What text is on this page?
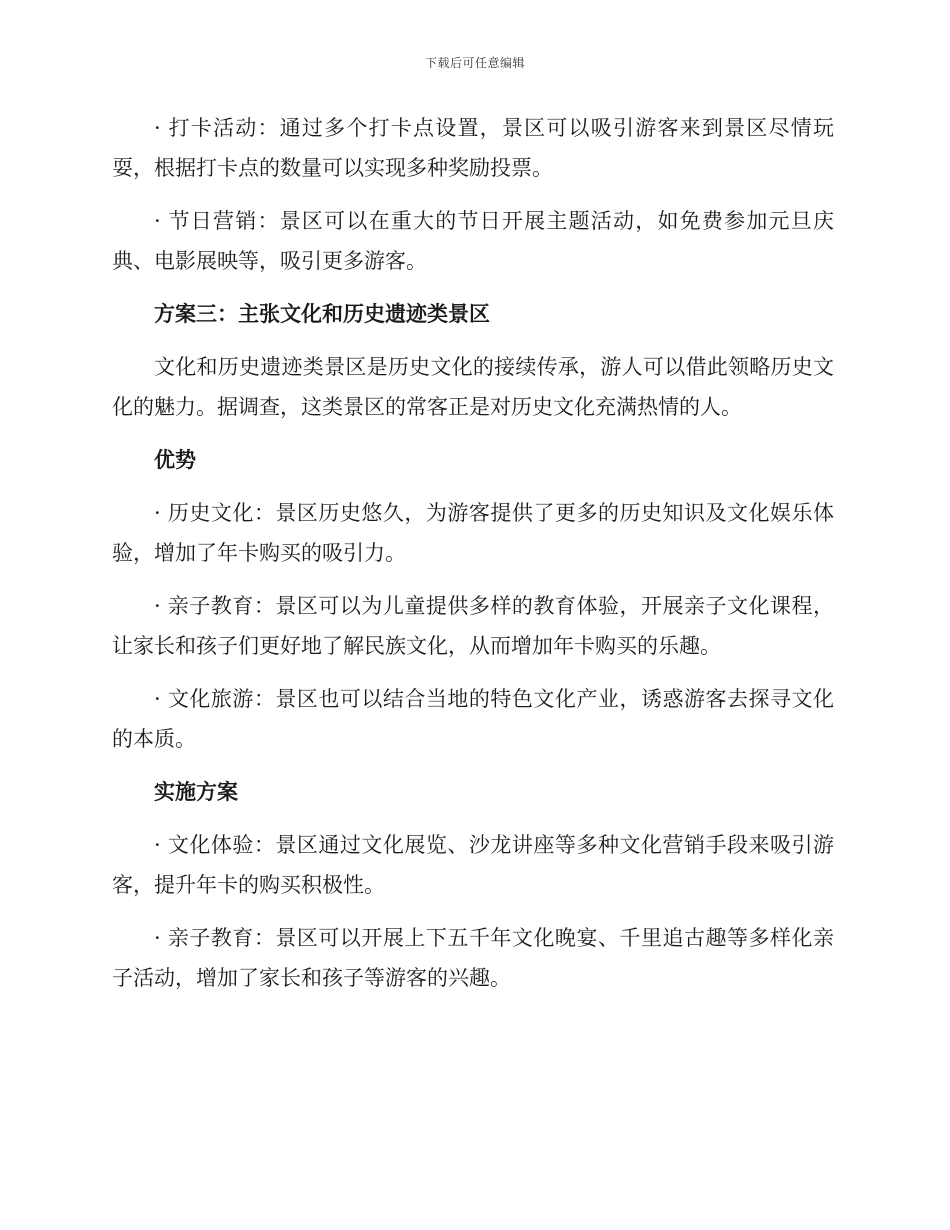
下载后可任意编辑

· 打卡活动：通过多个打卡点设置，景区可以吸引游客来到景区尽情玩耍，根据打卡点的数量可以实现多种奖励投票。

· 节日营销：景区可以在重大的节日开展主题活动，如免费参加元旦庆典、电影展映等，吸引更多游客。

方案三：主张文化和历史遗迹类景区

文化和历史遗迹类景区是历史文化的接续传承，游人可以借此领略历史文化的魅力。据调查，这类景区的常客正是对历史文化充满热情的人。

优势

· 历史文化：景区历史悠久，为游客提供了更多的历史知识及文化娱乐体验，增加了年卡购买的吸引力。

· 亲子教育：景区可以为儿童提供多样的教育体验，开展亲子文化课程，让家长和孩子们更好地了解民族文化，从而增加年卡购买的乐趣。

· 文化旅游：景区也可以结合当地的特色文化产业，诱惑游客去探寻文化的本质。

实施方案

· 文化体验：景区通过文化展览、沙龙讲座等多种文化营销手段来吸引游客，提升年卡的购买积极性。

· 亲子教育：景区可以开展上下五千年文化晚宴、千里追古趣等多样化亲子活动，增加了家长和孩子等游客的兴趣。
